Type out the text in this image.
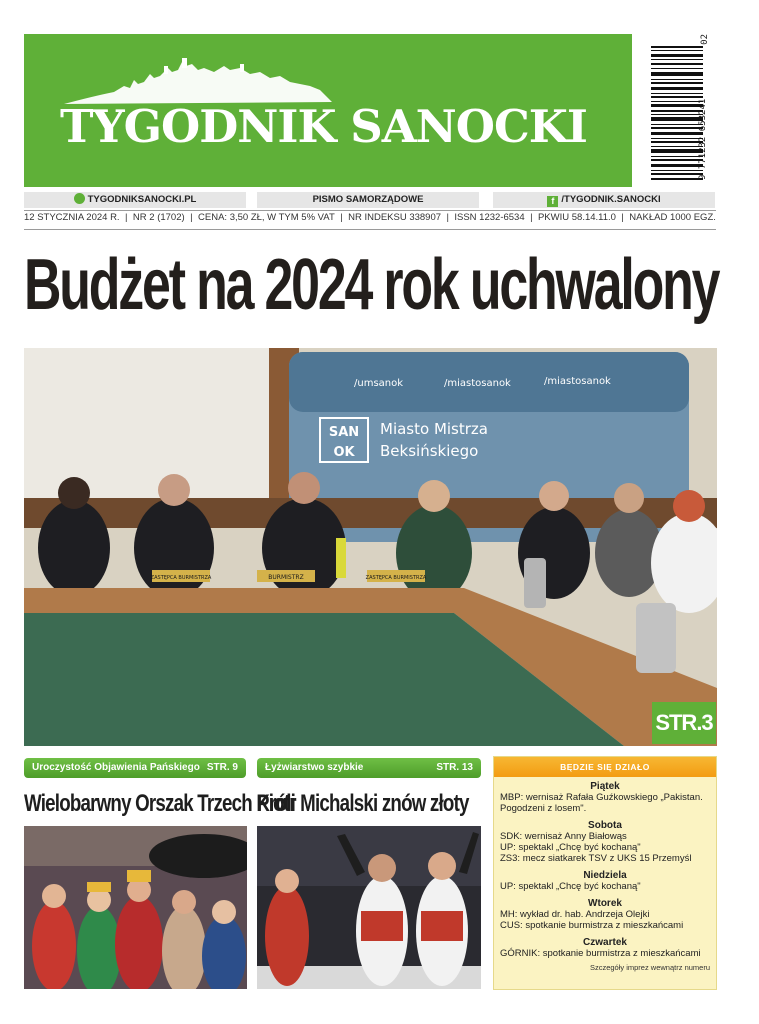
TYGODNIK SANOCKI	9 771232 653241
02
TYGODNIKSANOCKI.PL	PISMO SAMORZĄDOWE	f /TYGODNIK.SANOCKI
12 STYCZNIA 2024 R. | NR 2 (1702) | CENA: 3,50 ZŁ, W TYM 5% VAT | NR INDEKSU 338907 | ISSN 1232-6534 | PKWIU 58.14.11.0 | NAKŁAD 1000 EGZ.
Budżet na 2024 rok uchwalony
SAN
OK
Miasto Mistrza
Beksińskiego
/umsanok	/miastosanok	/miastosanok
ZASTĘPCA BURMISTRZA	BURMISTRZ	ZASTĘPCA BURMISTRZA
STR.3
Uroczystość Objawienia Pańskiego STR. 9
Wielobarwny Orszak Trzech Króli
Łyżwiarstwo szybkie	STR. 13
Piotr Michalski znów złoty
BĘDZIE SIĘ DZIAŁO
Piątek
MBP: wernisaż Rafała Guźkowskiego „Pakistan. Pogodzeni z losem".
Sobota
SDK: wernisaż Anny Białowąs
UP: spektakl „Chcę być kochaną"
ZS3: mecz siatkarek TSV z UKS 15 Przemyśl
Niedziela
UP: spektakl „Chcę być kochaną"
Wtorek
MH: wykład dr. hab. Andrzeja Olejki
CUS: spotkanie burmistrza z mieszkańcami
Czwartek
GÓRNIK: spotkanie burmistrza z mieszkańcami
Szczegóły imprez wewnątrz numeru
